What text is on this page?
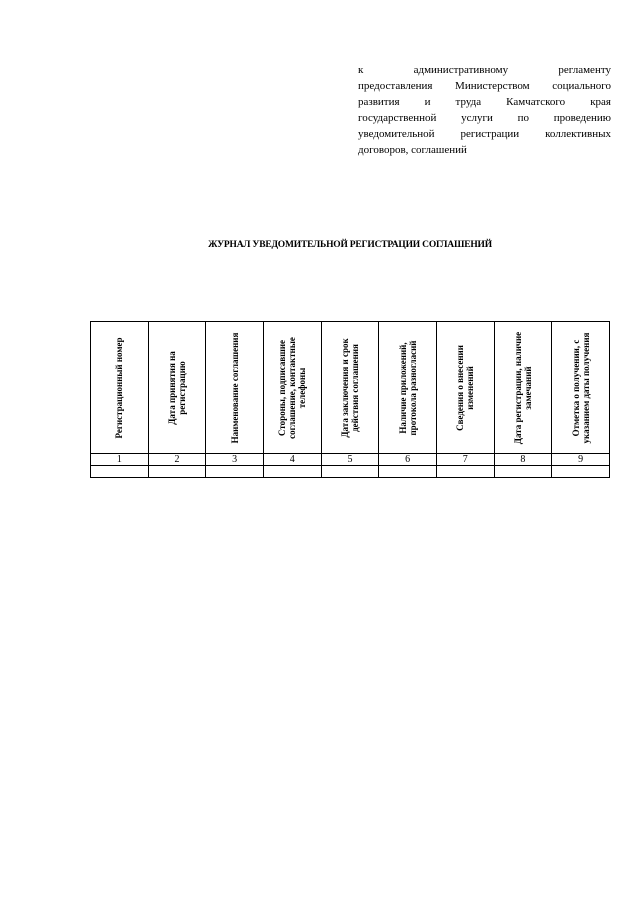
к административному регламенту
предоставления Министерством социального
развития и труда Камчатского края
государственной услуги по проведению
уведомительной регистрации коллективных
договоров, соглашений
ЖУРНАЛ УВЕДОМИТЕЛЬНОЙ РЕГИСТРАЦИИ СОГЛАШЕНИЙ
Регистрационный номер	Дата принятия на регистрацию	Наименование соглашения	Стороны, подписавшие соглашение, контактные телефоны	Дата заключения и срок действия соглашения	Наличие приложений, протокола разногласий	Сведения о внесении изменений	Дата регистрации, наличие замечаний	Отметка о получении, с указанием даты получения

1	2	3	4	5	6	7	8	9
